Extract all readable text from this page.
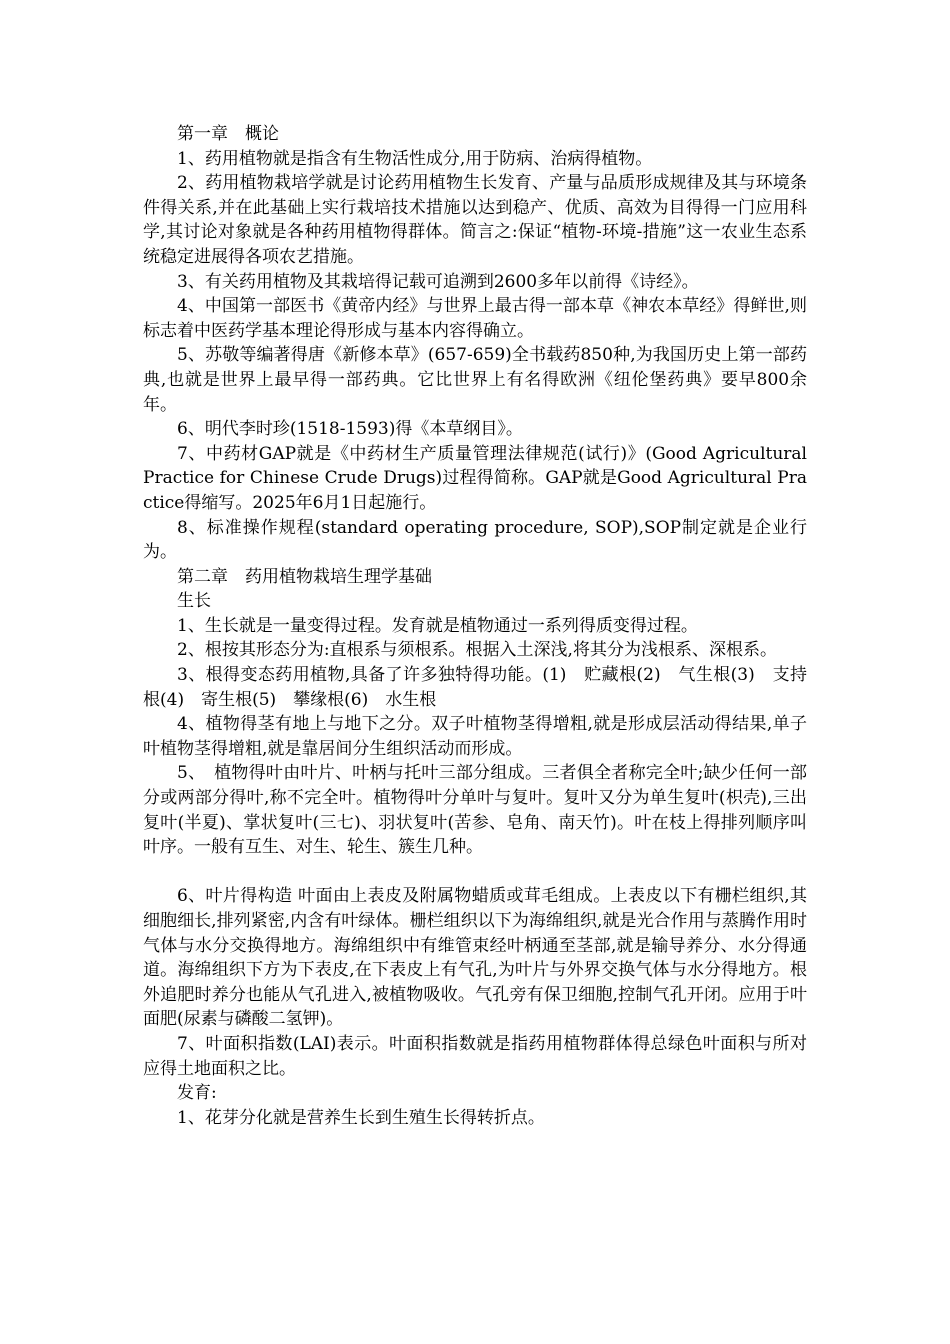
第一章　概论

1、药用植物就是指含有生物活性成分,用于防病、治病得植物。

2、药用植物栽培学就是讨论药用植物生长发育、产量与品质形成规律及其与环境条件得关系,并在此基础上实行栽培技术措施以达到稳产、优质、高效为目得得一门应用科学,其讨论对象就是各种药用植物得群体。简言之:保证“植物-环境-措施”这一农业生态系统稳定进展得各项农艺措施。

3、有关药用植物及其栽培得记载可追溯到2600多年以前得《诗经》。

4、中国第一部医书《黄帝内经》与世界上最古得一部本草《神农本草经》得鲜世,则标志着中医药学基本理论得形成与基本内容得确立。

5、苏敬等编著得唐《新修本草》(657-659)全书载药850种,为我国历史上第一部药典,也就是世界上最早得一部药典。它比世界上有名得欧洲《纽伦堡药典》要早800余年。

6、明代李时珍(1518-1593)得《本草纲目》。

7、中药材GAP就是《中药材生产质量管理法律规范(试行)》(Good Agricultural Practice for Chinese Crude Drugs)过程得简称。GAP就是Good Agricultural Practice得缩写。2025年6月1日起施行。

8、标准操作规程(standard operating procedure, SOP),SOP制定就是企业行为。

第二章　药用植物栽培生理学基础

生长

1、生长就是一量变得过程。发育就是植物通过一系列得质变得过程。

2、根按其形态分为:直根系与须根系。根据入土深浅,将其分为浅根系、深根系。

3、根得变态药用植物,具备了许多独特得功能。(1)　贮藏根(2)　气生根(3)　支持根(4)　寄生根(5)　攀缘根(6)　水生根

4、植物得茎有地上与地下之分。双子叶植物茎得增粗,就是形成层活动得结果,单子叶植物茎得增粗,就是靠居间分生组织活动而形成。

5、　植物得叶由叶片、叶柄与托叶三部分组成。三者俱全者称完全叶;缺少任何一部分或两部分得叶,称不完全叶。植物得叶分单叶与复叶。复叶又分为单生复叶(枳壳),三出复叶(半夏)、掌状复叶(三七)、羽状复叶(苦参、皂角、南天竹)。叶在枝上得排列顺序叫叶序。一般有互生、对生、轮生、簇生几种。

6、叶片得构造 叶面由上表皮及附属物蜡质或茸毛组成。上表皮以下有栅栏组织,其细胞细长,排列紧密,内含有叶绿体。栅栏组织以下为海绵组织,就是光合作用与蒸腾作用时气体与水分交换得地方。海绵组织中有维管束经叶柄通至茎部,就是输导养分、水分得通道。海绵组织下方为下表皮,在下表皮上有气孔,为叶片与外界交换气体与水分得地方。根外追肥时养分也能从气孔进入,被植物吸收。气孔旁有保卫细胞,控制气孔开闭。应用于叶面肥(尿素与磷酸二氢钾)。

7、叶面积指数(LAI)表示。叶面积指数就是指药用植物群体得总绿色叶面积与所对应得土地面积之比。

发育:

1、花芽分化就是营养生长到生殖生长得转折点。
